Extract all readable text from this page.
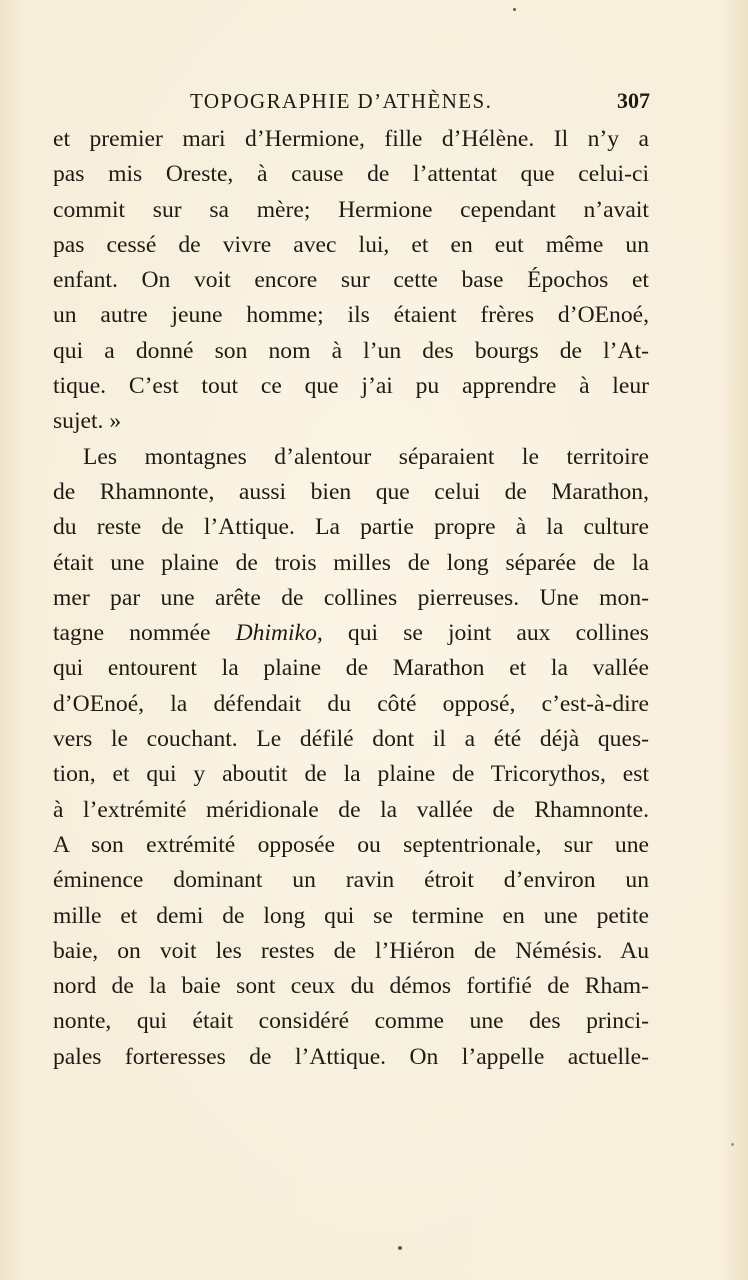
TOPOGRAPHIE D’ATHÈNES.	307
et premier mari d’Hermione, fille d’Hélène. Il n’y a
pas mis Oreste, à cause de l’attentat que celui-ci
commit sur sa mère; Hermione cependant n’avait
pas cessé de vivre avec lui, et en eut même un
enfant. On voit encore sur cette base Épochos et
un autre jeune homme; ils étaient frères d’OEnoé,
qui a donné son nom à l’un des bourgs de l’At-
tique. C’est tout ce que j’ai pu apprendre à leur
sujet. »
Les montagnes d’alentour séparaient le territoire
de Rhamnonte, aussi bien que celui de Marathon,
du reste de l’Attique. La partie propre à la culture
était une plaine de trois milles de long séparée de la
mer par une arête de collines pierreuses. Une mon-
tagne nommée Dhimiko, qui se joint aux collines
qui entourent la plaine de Marathon et la vallée
d’OEnoé, la défendait du côté opposé, c’est-à-dire
vers le couchant. Le défilé dont il a été déjà ques-
tion, et qui y aboutit de la plaine de Tricorythos, est
à l’extrémité méridionale de la vallée de Rhamnonte.
A son extrémité opposée ou septentrionale, sur une
éminence dominant un ravin étroit d’environ un
mille et demi de long qui se termine en une petite
baie, on voit les restes de l’Hiéron de Némésis. Au
nord de la baie sont ceux du démos fortifié de Rham-
nonte, qui était considéré comme une des princi-
pales forteresses de l’Attique. On l’appelle actuelle-
